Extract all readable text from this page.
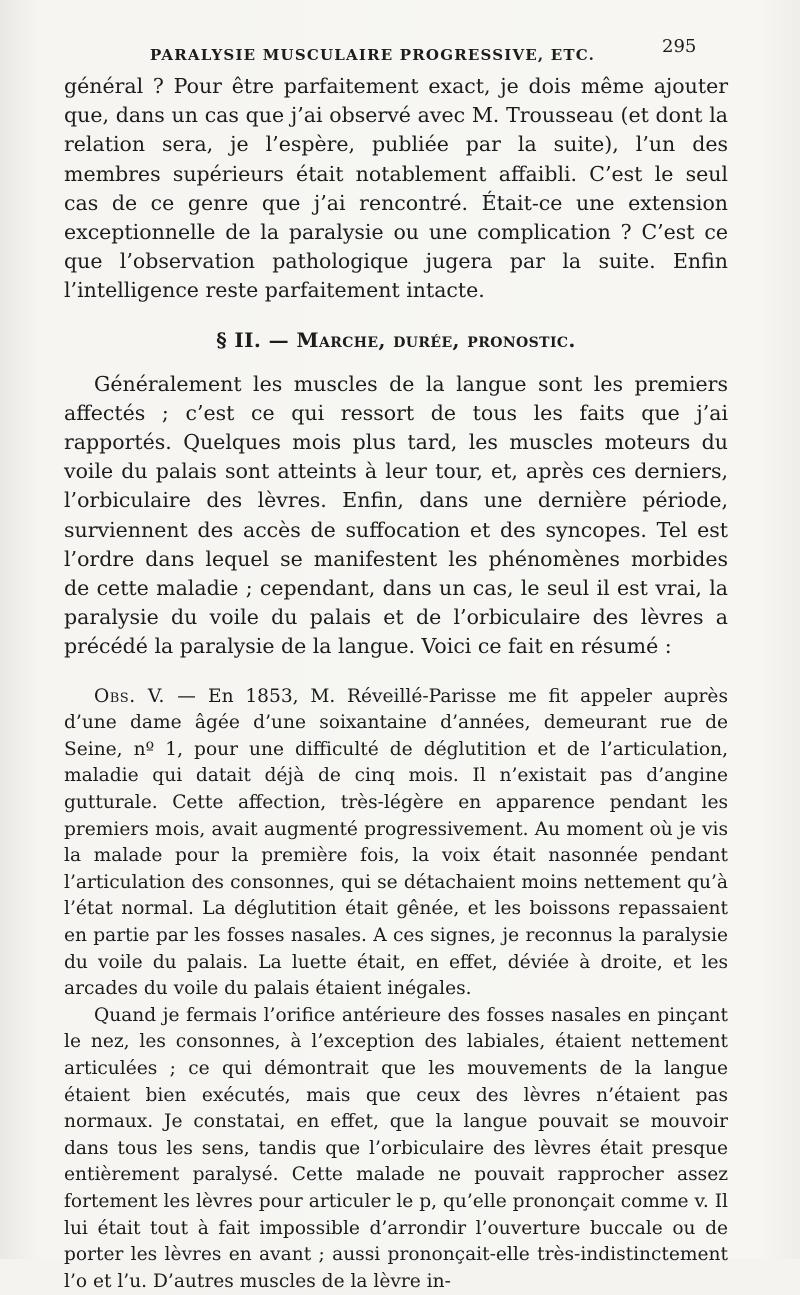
PARALYSIE MUSCULAIRE PROGRESSIVE, ETC.	295

général ? Pour être parfaitement exact, je dois même ajouter que, dans un cas que j’ai observé avec M. Trousseau (et dont la relation sera, je l’espère, publiée par la suite), l’un des membres supérieurs était notablement affaibli. C’est le seul cas de ce genre que j’ai rencontré. Était-ce une extension exceptionnelle de la paralysie ou une complication ? C’est ce que l’observation pathologique jugera par la suite. Enfin l’intelligence reste parfaitement intacte.

§ II. — Marche, durée, pronostic.

Généralement les muscles de la langue sont les premiers affectés ; c’est ce qui ressort de tous les faits que j’ai rapportés. Quelques mois plus tard, les muscles moteurs du voile du palais sont atteints à leur tour, et, après ces derniers, l’orbiculaire des lèvres. Enfin, dans une dernière période, surviennent des accès de suffocation et des syncopes. Tel est l’ordre dans lequel se manifestent les phénomènes morbides de cette maladie ; cependant, dans un cas, le seul il est vrai, la paralysie du voile du palais et de l’orbiculaire des lèvres a précédé la paralysie de la langue. Voici ce fait en résumé :

Obs. V. — En 1853, M. Réveillé-Parisse me fit appeler auprès d’une dame âgée d’une soixantaine d’années, demeurant rue de Seine, nº 1, pour une difficulté de déglutition et de l’articulation, maladie qui datait déjà de cinq mois. Il n’existait pas d’angine gutturale. Cette affection, très-légère en apparence pendant les premiers mois, avait augmenté progressivement. Au moment où je vis la malade pour la première fois, la voix était nasonnée pendant l’articulation des consonnes, qui se détachaient moins nettement qu’à l’état normal. La déglutition était gênée, et les boissons repassaient en partie par les fosses nasales. A ces signes, je reconnus la paralysie du voile du palais. La luette était, en effet, déviée à droite, et les arcades du voile du palais étaient inégales.

Quand je fermais l’orifice antérieure des fosses nasales en pinçant le nez, les consonnes, à l’exception des labiales, étaient nettement articulées ; ce qui démontrait que les mouvements de la langue étaient bien exécutés, mais que ceux des lèvres n’étaient pas normaux. Je constatai, en effet, que la langue pouvait se mouvoir dans tous les sens, tandis que l’orbiculaire des lèvres était presque entièrement paralysé. Cette malade ne pouvait rapprocher assez fortement les lèvres pour articuler le p, qu’elle prononçait comme v. Il lui était tout à fait impossible d’arrondir l’ouverture buccale ou de porter les lèvres en avant ; aussi prononçait-elle très-indistinctement l’o et l’u. D’autres muscles de la lèvre in-
